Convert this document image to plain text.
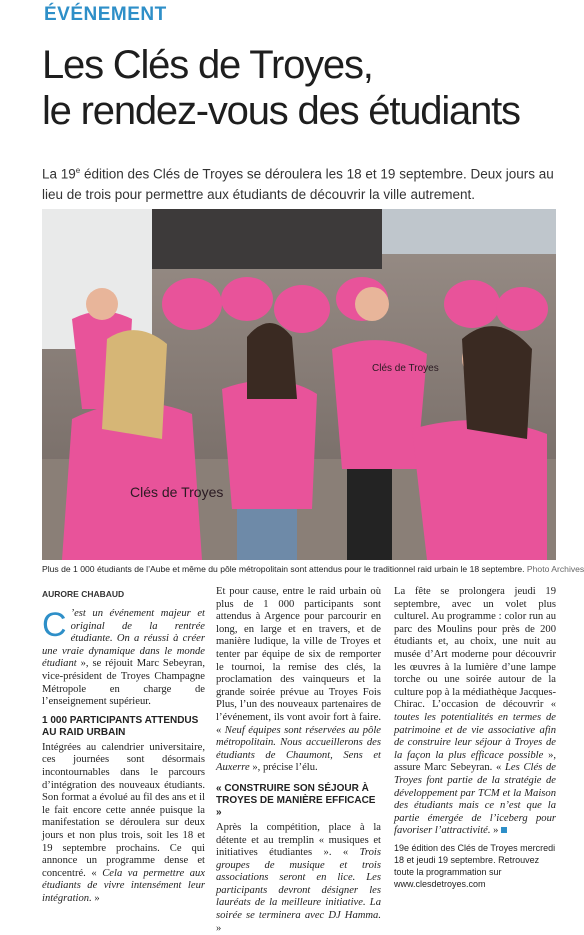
ÉVÉNEMENT
Les Clés de Troyes,
le rendez-vous des étudiants
La 19e édition des Clés de Troyes se déroulera les 18 et 19 septembre. Deux jours au lieu de trois pour permettre aux étudiants de découvrir la ville autrement.
Clés de Troyes
Clés de Troyes
Plus de 1 000 étudiants de l’Aube et même du pôle métropolitain sont attendus pour le traditionnel raid urbain le 18 septembre. Photo Archives
AURORE CHABAUD

C ’est un événement majeur et original de la rentrée étudiante. On a réussi à créer une vraie dynamique dans le monde étudiant », se réjouit Marc Sebeyran, vice-président de Troyes Champagne Métropole en charge de l’enseignement supérieur.

1 000 PARTICIPANTS ATTENDUS AU RAID URBAIN

Intégrées au calendrier universitaire, ces journées sont désormais incontournables dans le parcours d’intégration des nouveaux étudiants. Son format a évolué au fil des ans et il le fait encore cette année puisque la manifestation se déroulera sur deux jours et non plus trois, soit les 18 et 19 septembre prochains. Ce qui annonce un programme dense et concentré. « Cela va permettre aux étudiants de vivre intensément leur intégration. »

Et pour cause, entre le raid urbain où plus de 1 000 participants sont attendus à Argence pour parcourir en long, en large et en travers, et de manière ludique, la ville de Troyes et tenter par équipe de six de remporter le tournoi, la remise des clés, la proclamation des vainqueurs et la grande soirée prévue au Troyes Fois Plus, l’un des nouveaux partenaires de l’événement, ils vont avoir fort à faire. « Neuf équipes sont réservées au pôle métropolitain. Nous accueillerons des étudiants de Chaumont, Sens et Auxerre », précise l’élu.

« CONSTRUIRE SON SÉJOUR À TROYES DE MANIÈRE EFFICACE »

Après la compétition, place à la détente et au tremplin « musiques et initiatives étudiantes ». « Trois groupes de musique et trois associations seront en lice. Les participants devront désigner les lauréats de la meilleure initiative. La soirée se terminera avec DJ Hamma. »

La fête se prolongera jeudi 19 septembre, avec un volet plus culturel. Au programme : color run au parc des Moulins pour près de 200 étudiants et, au choix, une nuit au musée d’Art moderne pour découvrir les œuvres à la lumière d’une lampe torche ou une soirée autour de la culture pop à la médiathèque Jacques-Chirac. L’occasion de découvrir « toutes les potentialités en termes de patrimoine et de vie associative afin de construire leur séjour à Troyes de la façon la plus efficace possible », assure Marc Sebeyran. « Les Clés de Troyes font partie de la stratégie de développement par TCM et la Maison des étudiants mais ce n’est que la partie émergée de l’iceberg pour favoriser l’attractivité. »

19e édition des Clés de Troyes mercredi 18 et jeudi 19 septembre. Retrouvez toute la programmation sur www.clesdetroyes.com
